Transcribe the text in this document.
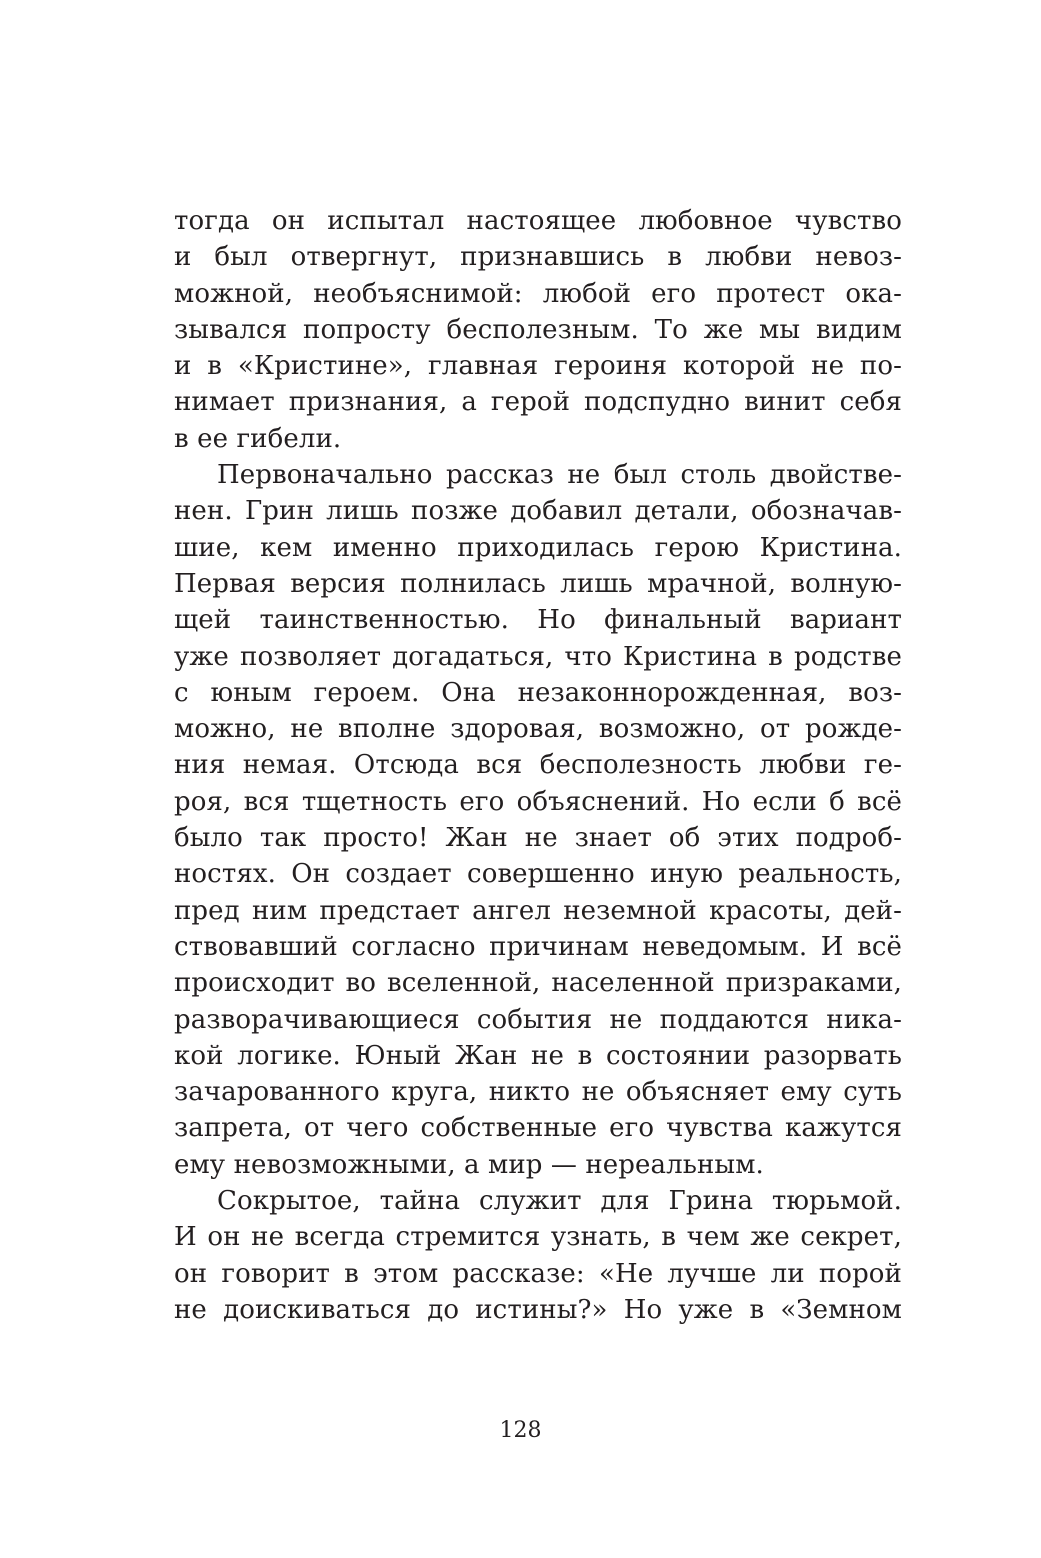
тогда он испытал настоящее любовное чувство
и был отвергнут, признавшись в любви невоз-
можной, необъяснимой: любой его протест ока-
зывался попросту бесполезным. То же мы видим
и в «Кристине», главная героиня которой не по-
нимает признания, а герой подспудно винит себя
в ее гибели.
Первоначально рассказ не был столь двойстве-
нен. Грин лишь позже добавил детали, обозначав-
шие, кем именно приходилась герою Кристина.
Первая версия полнилась лишь мрачной, волную-
щей таинственностью. Но финальный вариант
уже позволяет догадаться, что Кристина в родстве
с юным героем. Она незаконнорожденная, воз-
можно, не вполне здоровая, возможно, от рожде-
ния немая. Отсюда вся бесполезность любви ге-
роя, вся тщетность его объяснений. Но если б всё
было так просто! Жан не знает об этих подроб-
ностях. Он создает совершенно иную реальность,
пред ним предстает ангел неземной красоты, дей-
ствовавший согласно причинам неведомым. И всё
происходит во вселенной, населенной призраками,
разворачивающиеся события не поддаются ника-
кой логике. Юный Жан не в состоянии разорвать
зачарованного круга, никто не объясняет ему суть
запрета, от чего собственные его чувства кажутся
ему невозможными, а мир — нереальным.
Сокрытое, тайна служит для Грина тюрьмой.
И он не всегда стремится узнать, в чем же секрет,
он говорит в этом рассказе: «Не лучше ли порой
не доискиваться до истины?» Но уже в «Земном
128
